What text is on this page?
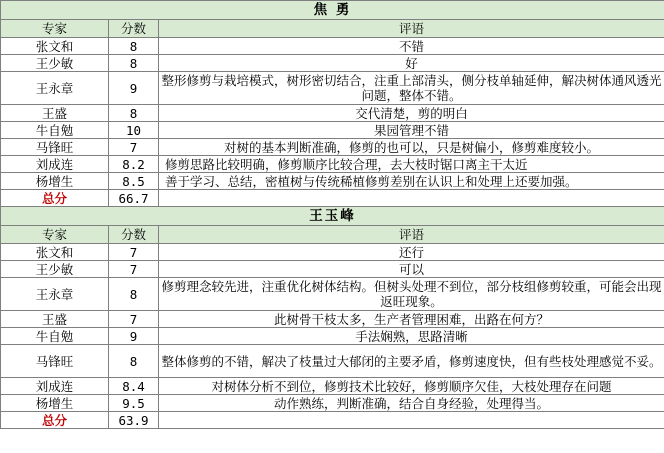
焦 勇		
专家	分数	评语
张文和	8	不错
王少敏	8	好
王永章	9	整形修剪与栽培模式，树形密切结合，注重上部清头，侧分枝单轴延伸，解决树体通风透光问题，整体不错。
王盛	8	交代清楚，剪的明白
牛自勉	10	果园管理不错
马锋旺	7	对树的基本判断准确，修剪的也可以，只是树偏小，修剪难度较小。
刘成连	8.2	修剪思路比较明确，修剪顺序比较合理，去大枝时锯口离主干太近
杨增生	8.5	善于学习、总结，密植树与传统稀植修剪差别在认识上和处理上还要加强。
总分	66.7	
王玉峰		
专家	分数	评语
张文和	7	还行
王少敏	7	可以
王永章	8	修剪理念较先进，注重优化树体结构。但树头处理不到位，部分枝组修剪较重，可能会出现返旺现象。
王盛	7	此树骨干枝太多，生产者管理困难，出路在何方？
牛自勉	9	手法娴熟，思路清晰
马锋旺	8	整体修剪的不错，解决了枝量过大郁闭的主要矛盾，修剪速度快，但有些枝处理感觉不妥。
刘成连	8.4	对树体分析不到位，修剪技术比较好，修剪顺序欠佳，大枝处理存在问题
杨增生	9.5	动作熟练，判断准确，结合自身经验，处理得当。
总分	63.9	
